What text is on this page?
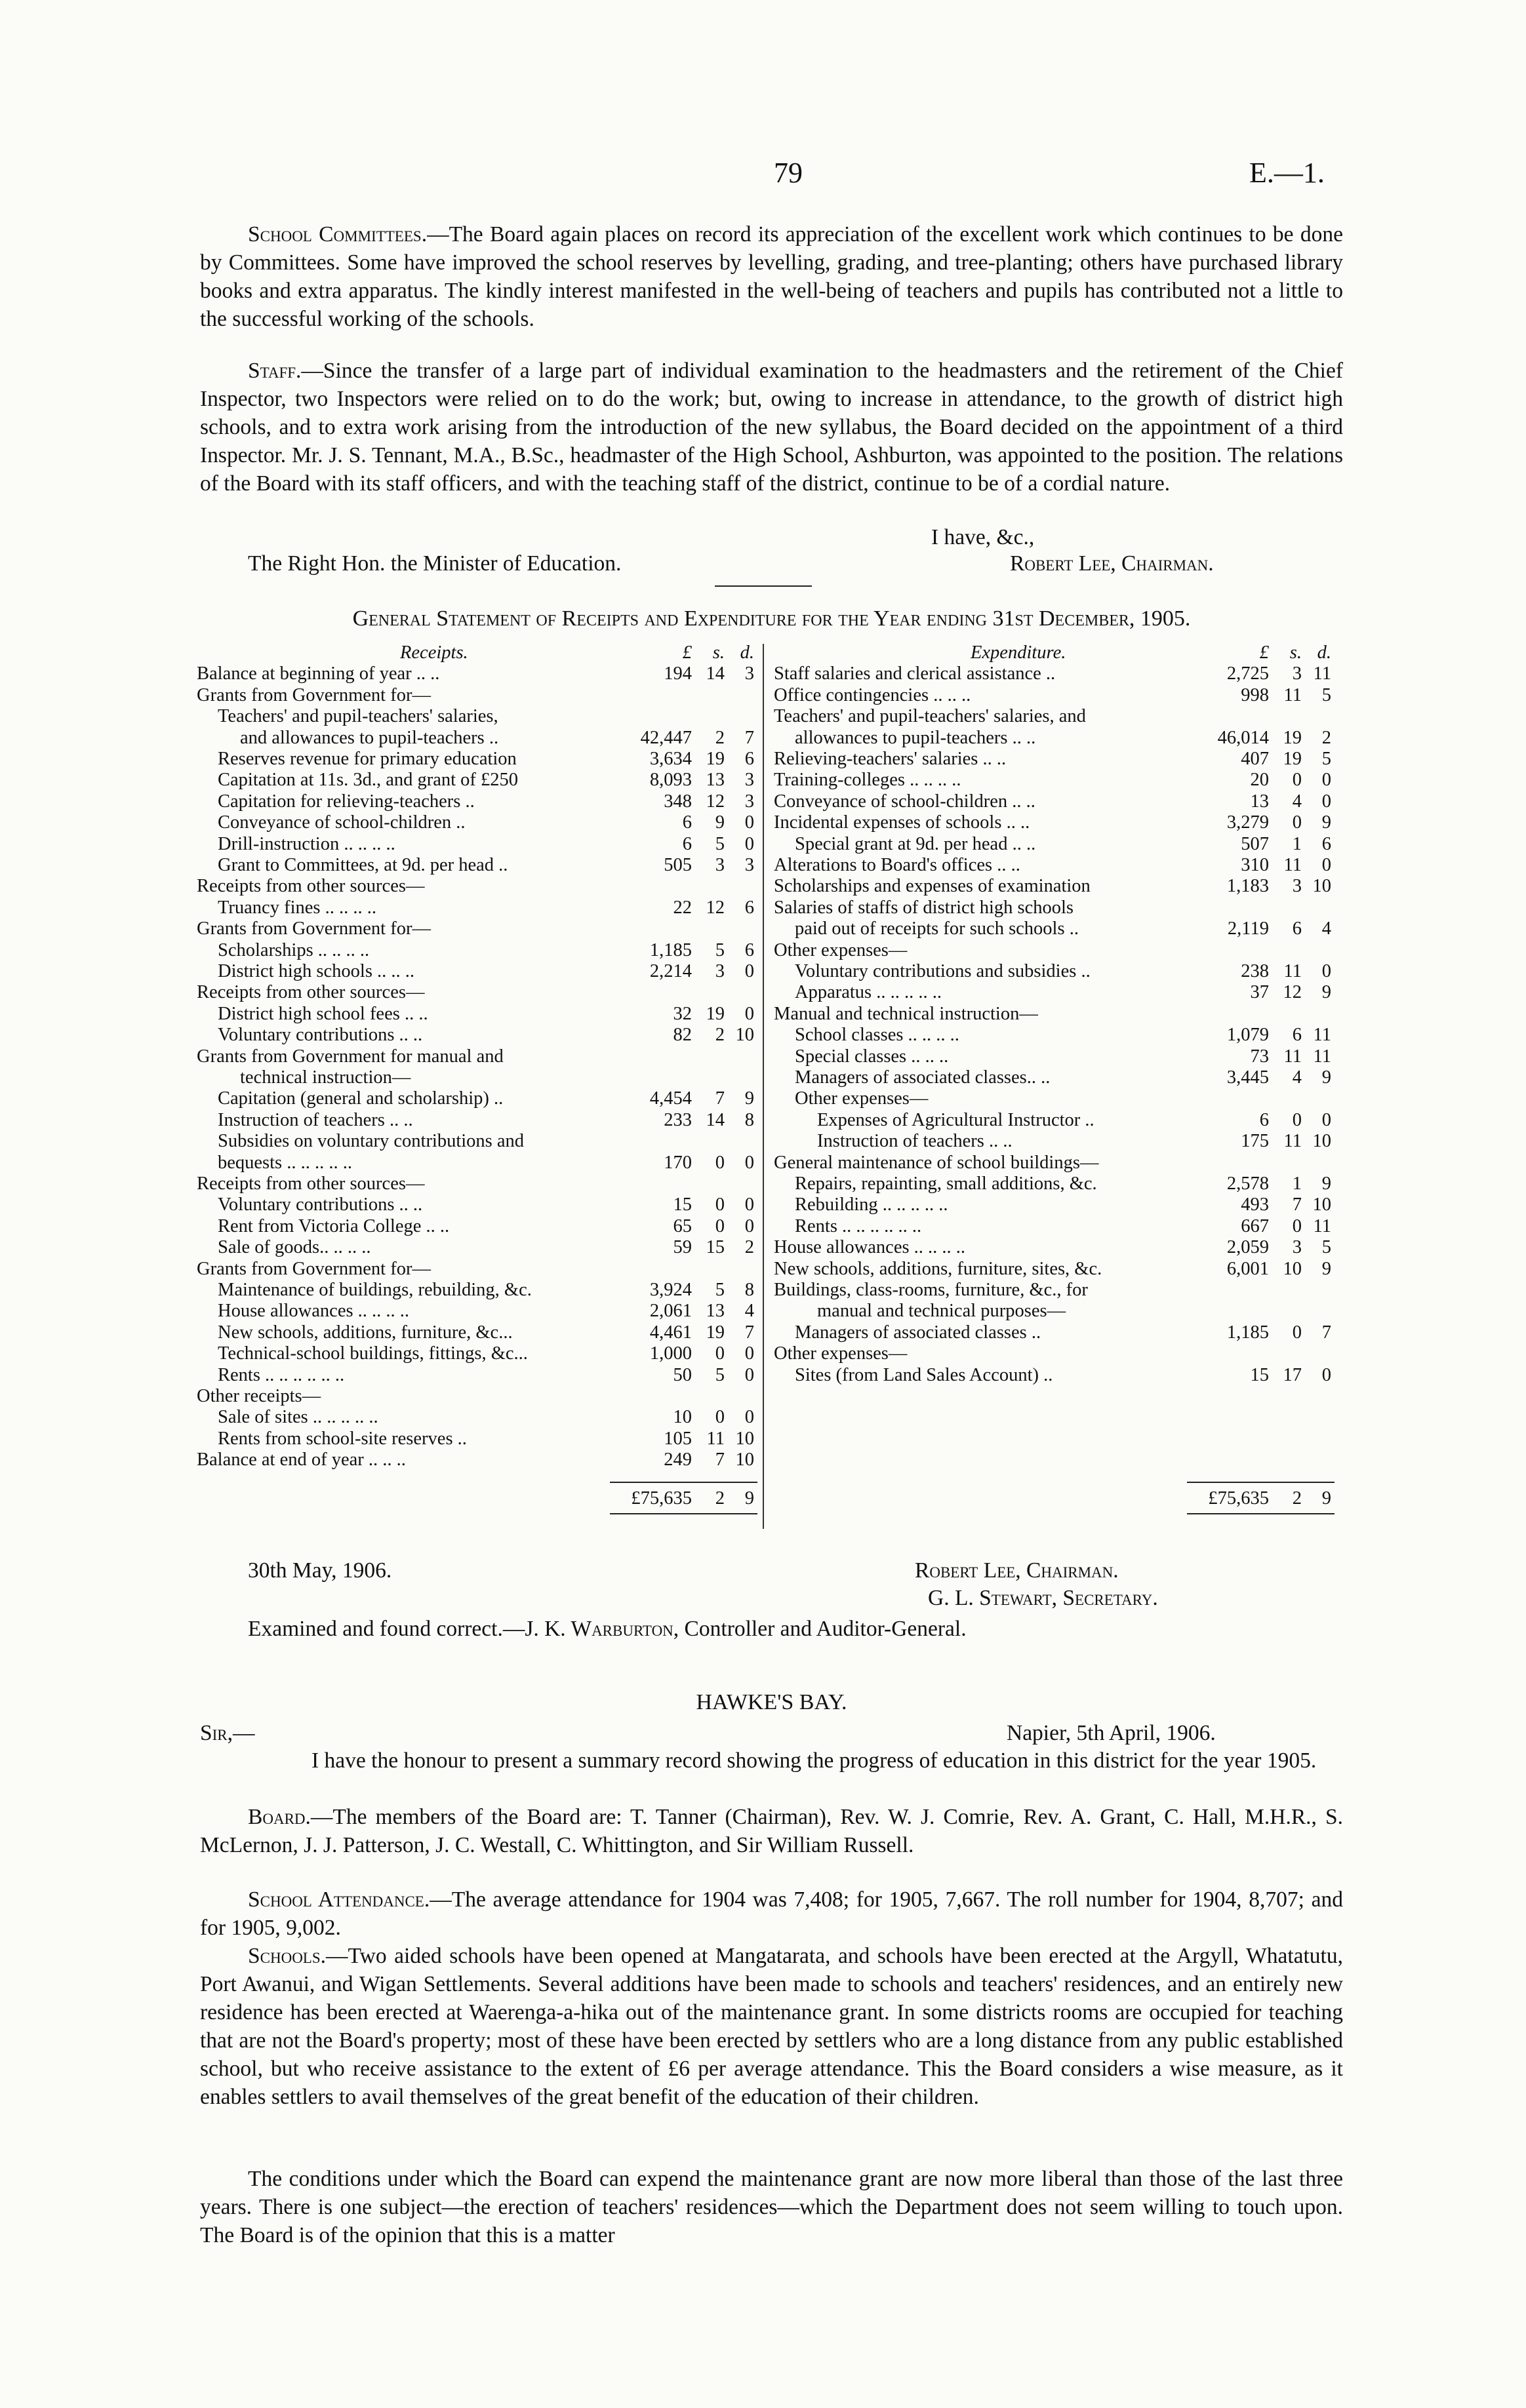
79	E.—1.

School Committees.—The Board again places on record its appreciation of the excellent work which continues to be done by Committees. Some have improved the school reserves by levelling, grading, and tree-planting; others have purchased library books and extra apparatus. The kindly interest manifested in the well-being of teachers and pupils has contributed not a little to the successful working of the schools.

Staff.—Since the transfer of a large part of individual examination to the headmasters and the retirement of the Chief Inspector, two Inspectors were relied on to do the work; but, owing to increase in attendance, to the growth of district high schools, and to extra work arising from the introduction of the new syllabus, the Board decided on the appointment of a third Inspector. Mr. J. S. Tennant, M.A., B.Sc., headmaster of the High School, Ashburton, was appointed to the position. The relations of the Board with its staff officers, and with the teaching staff of the district, continue to be of a cordial nature.

I have, &c.,
The Right Hon. the Minister of Education.	Robert Lee, Chairman.
General Statement of Receipts and Expenditure for the Year ending 31st December, 1905.
Receipts.	£	s. d.
Balance at beginning of year .. ..	194 14	3
Grants from Government for—
Teachers' and pupil-teachers' salaries,
and allowances to pupil-teachers ..	42,447	2	7
Reserves revenue for primary education	3,634 19	6
Capitation at 11s. 3d., and grant of £250	8,093 13	3
Capitation for relieving-teachers ..	348 12	3
Conveyance of school-children ..	6	9	0
Drill-instruction .. .. .. ..	6	5	0
Grant to Committees, at 9d. per head ..	505	3	3
Receipts from other sources—
Truancy fines .. .. .. ..	22 12	6
Grants from Government for—
Scholarships .. .. .. ..	1,185	5	6
District high schools .. .. ..	2,214	3	0
Receipts from other sources—
District high school fees .. ..	32 19	0
Voluntary contributions .. ..	82	2 10
Grants from Government for manual and
technical instruction—
Capitation (general and scholarship) ..	4,454	7	9
Instruction of teachers .. ..	233 14	8
Subsidies on voluntary contributions and
bequests .. .. .. .. ..	170	0	0
Receipts from other sources—
Voluntary contributions .. ..	15	0	0
Rent from Victoria College .. ..	65	0	0
Sale of goods.. .. .. ..	59 15	2
Grants from Government for—
Maintenance of buildings, rebuilding, &c.	3,924	5	8
House allowances .. .. .. ..	2,061 13	4
New schools, additions, furniture, &c...	4,461 19	7
Technical-school buildings, fittings, &c...	1,000	0	0
Rents .. .. .. .. .. ..	50	5	0
Other receipts—
Sale of sites .. .. .. .. ..	10	0	0
Rents from school-site reserves ..	105 11 10
Balance at end of year .. .. ..	249	7 10
Expenditure.	£	s. d.
Staff salaries and clerical assistance ..	2,725	3 11
Office contingencies .. .. ..	998 11	5
Teachers' and pupil-teachers' salaries, and
allowances to pupil-teachers .. ..	46,014 19	2
Relieving-teachers' salaries .. ..	407 19	5
Training-colleges .. .. .. ..	20	0	0
Conveyance of school-children .. ..	13	4	0
Incidental expenses of schools .. ..	3,279	0	9
Special grant at 9d. per head .. ..	507	1	6
Alterations to Board's offices .. ..	310 11	0
Scholarships and expenses of examination	1,183	3 10
Salaries of staffs of district high schools
paid out of receipts for such schools ..	2,119	6	4
Other expenses—
Voluntary contributions and subsidies ..	238 11	0
Apparatus .. .. .. .. ..	37 12	9
Manual and technical instruction—
School classes .. .. .. ..	1,079	6 11
Special classes .. .. ..	73 11 11
Managers of associated classes.. ..	3,445	4	9
Other expenses—
Expenses of Agricultural Instructor ..	6	0	0
Instruction of teachers .. ..	175 11 10
General maintenance of school buildings—
Repairs, repainting, small additions, &c.	2,578	1	9
Rebuilding .. .. .. .. ..	493	7 10
Rents .. .. .. .. .. ..	667	0 11
House allowances .. .. .. ..	2,059	3	5
New schools, additions, furniture, sites, &c.	6,001 10	9
Buildings, class-rooms, furniture, &c., for
manual and technical purposes—
Managers of associated classes ..	1,185	0	7
Other expenses—
Sites (from Land Sales Account) ..	15 17	0
£75,635	2	9	£75,635	2	9
30th May, 1906.	Robert Lee, Chairman.
G. L. Stewart, Secretary.
Examined and found correct.—J. K. Warburton, Controller and Auditor-General.
HAWKE'S BAY.
Sir,—	Napier, 5th April, 1906.

I have the honour to present a summary record showing the progress of education in this district for the year 1905.

Board.—The members of the Board are: T. Tanner (Chairman), Rev. W. J. Comrie, Rev. A. Grant, C. Hall, M.H.R., S. McLernon, J. J. Patterson, J. C. Westall, C. Whittington, and Sir William Russell.

School Attendance.—The average attendance for 1904 was 7,408; for 1905, 7,667. The roll number for 1904, 8,707; and for 1905, 9,002.

Schools.—Two aided schools have been opened at Mangatarata, and schools have been erected at the Argyll, Whatatutu, Port Awanui, and Wigan Settlements. Several additions have been made to schools and teachers' residences, and an entirely new residence has been erected at Waerenga-a-hika out of the maintenance grant. In some districts rooms are occupied for teaching that are not the Board's property; most of these have been erected by settlers who are a long distance from any public established school, but who receive assistance to the extent of £6 per average attendance. This the Board considers a wise measure, as it enables settlers to avail themselves of the great benefit of the education of their children.

The conditions under which the Board can expend the maintenance grant are now more liberal than those of the last three years. There is one subject—the erection of teachers' residences—which the Department does not seem willing to touch upon. The Board is of the opinion that this is a matter
